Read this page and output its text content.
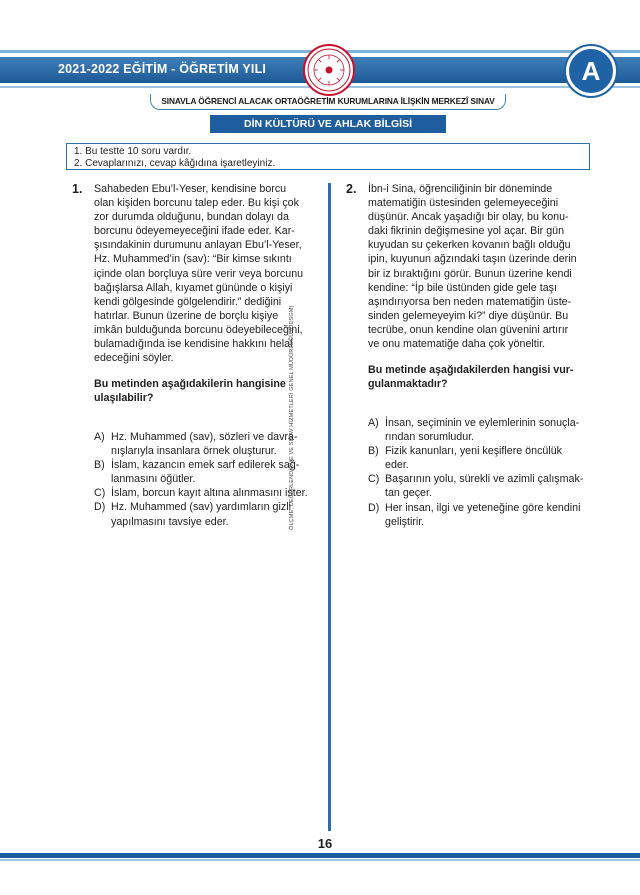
2021-2022 EĞİTİM - ÖĞRETİM YILI	A
SINAVLA ÖĞRENCİ ALACAK ORTAÖĞRETİM KURUMLARINA İLİŞKİN MERKEZÎ SINAV
DİN KÜLTÜRÜ VE AHLAK BİLGİSİ
1. Bu testte 10 soru vardır.
2. Cevaplarınızı, cevap kâğıdına işaretleyiniz.
1. Sahabeden Ebu’l-Yeser, kendisine borcu

olan kişiden borcunu talep eder. Bu kişi çok

zor durumda olduğunu, bundan dolayı da

borcunu ödeyemeyeceğini ifade eder. Kar-

şısındakinin durumunu anlayan Ebu’l-Yeser,

Hz. Muhammed’in (sav): “Bir kimse sıkıntı

içinde olan borçluya süre verir veya borcunu

bağışlarsa Allah, kıyamet gününde o kişiyi

kendi gölgesinde gölgelendirir.” dediğini

hatırlar. Bunun üzerine de borçlu kişiye

imkân bulduğunda borcunu ödeyebileceğini,

bulamadığında ise kendisine hakkını helal

edeceğini söyler.

Bu metinden aşağıdakilerin hangisine
ulaşılabilir?

A) Hz. Muhammed (sav), sözleri ve davra-
nışlarıyla insanlara örnek oluşturur.
B) İslam, kazancın emek sarf edilerek sağ-
lanmasını öğütler.
C) İslam, borcun kayıt altına alınmasını ister.
D) Hz. Muhammed (sav) yardımların gizli
yapılmasını tavsiye eder.	ÖLÇME, DEĞERLENDİRME VE SINAV HİZMETLERİ GENEL MÜDÜRLÜĞÜ (ÖDSGM)
2. İbn-i Sina, öğrenciliğinin bir döneminde

matematiğin üstesinden gelemeyeceğini

düşünür. Ancak yaşadığı bir olay, bu konu-

daki fikrinin değişmesine yol açar. Bir gün

kuyudan su çekerken kovanın bağlı olduğu

ipin, kuyunun ağzındaki taşın üzerinde derin

bir iz bıraktığını görür. Bunun üzerine kendi

kendine: “İp bile üstünden gide gele taşı

aşındırıyorsa ben neden matematiğin üste-

sinden gelemeyeyim ki?” diye düşünür. Bu

tecrübe, onun kendine olan güvenini artırır

ve onu matematiğe daha çok yöneltir.

Bu metinde aşağıdakilerden hangisi vur-
gulanmaktadır?

A) İnsan, seçiminin ve eylemlerinin sonuçla-
rından sorumludur.
B) Fizik kanunları, yeni keşiflere öncülük
eder.
C) Başarının yolu, sürekli ve azimli çalışmak-
tan geçer.
D) Her insan, ilgi ve yeteneğine göre kendini
geliştirir.
16
